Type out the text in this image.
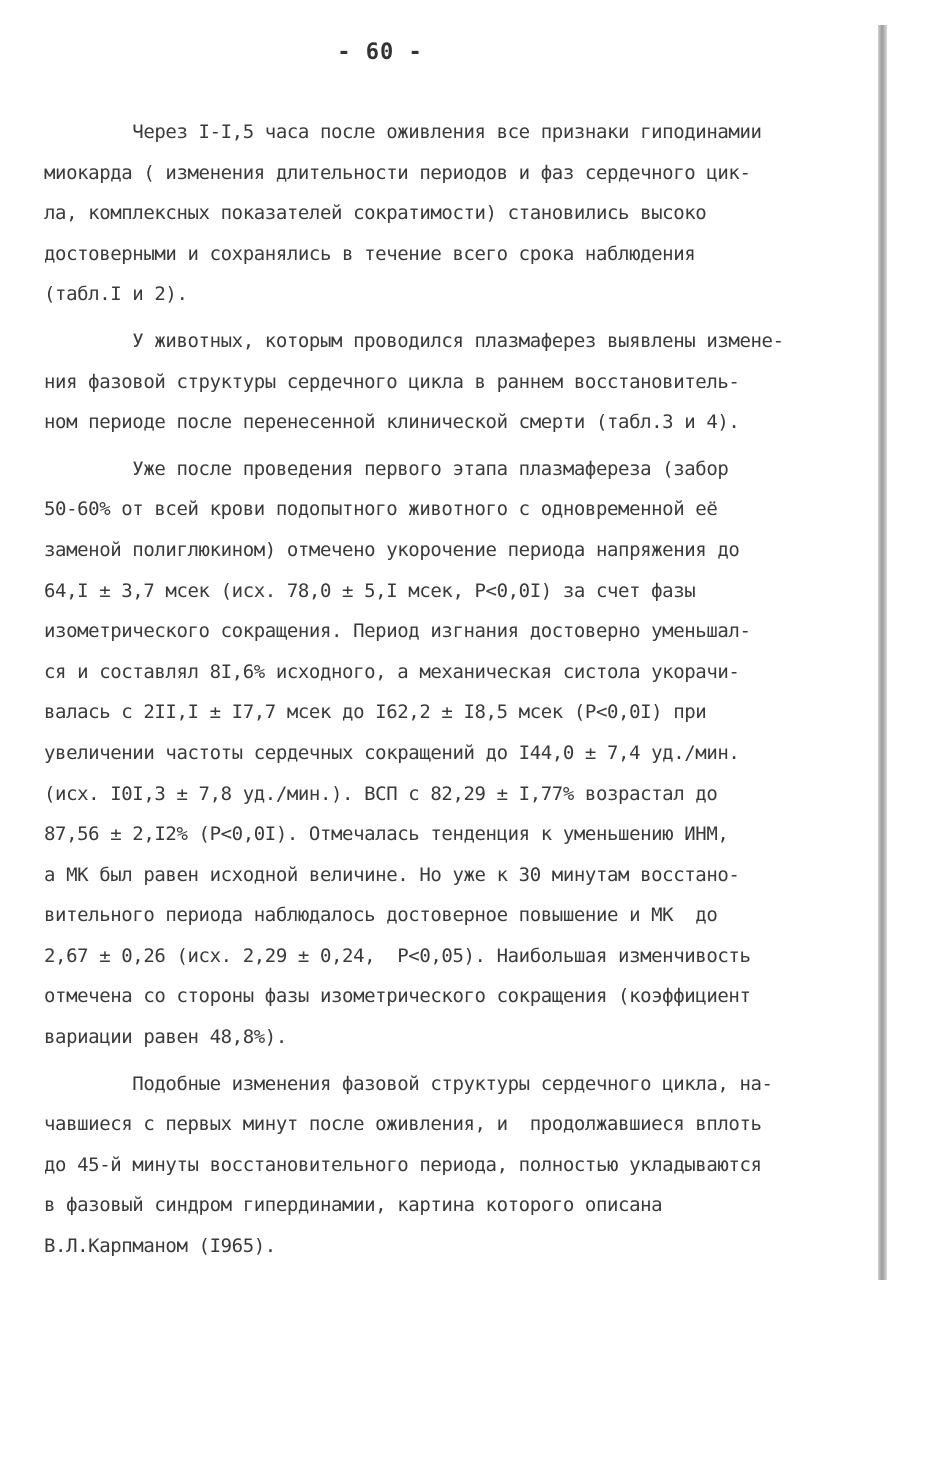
- 60 -
Через I-I,5 часа после оживления все признаки гиподинамии
миокарда ( изменения длительности периодов и фаз сердечного цик-
ла, комплексных показателей сократимости) становились высоко
достоверными и сохранялись в течение всего срока наблюдения
(табл.I и 2).
У животных, которым проводился плазмаферез выявлены измене-
ния фазовой структуры сердечного цикла в раннем восстановитель-
ном периоде после перенесенной клинической смерти (табл.3 и 4).
Уже после проведения первого этапа плазмафереза (забор
50-60% от всей крови подопытного животного с одновременной её
заменой полиглюкином) отмечено укорочение периода напряжения до
64,I ± 3,7 мсек (исх. 78,0 ± 5,I мсек, Р<0,0I) за счет фазы
изометрического сокращения. Период изгнания достоверно уменьшал-
ся и составлял 8I,6% исходного, а механическая систола укорачи-
валась с 2II,I ± I7,7 мсек до I62,2 ± I8,5 мсек (Р<0,0I) при
увеличении частоты сердечных сокращений до I44,0 ± 7,4 уд./мин.
(исх. I0I,3 ± 7,8 уд./мин.). ВСП с 82,29 ± I,77% возрастал до
87,56 ± 2,I2% (Р<0,0I). Отмечалась тенденция к уменьшению ИНМ,
а МК был равен исходной величине. Но уже к 30 минутам восстано-
вительного периода наблюдалось достоверное повышение и МК  до
2,67 ± 0,26 (исх. 2,29 ± 0,24,  Р<0,05). Наибольшая изменчивость
отмечена со стороны фазы изометрического сокращения (коэффициент
вариации равен 48,8%).
Подобные изменения фазовой структуры сердечного цикла, на-
чавшиеся с первых минут после оживления, и  продолжавшиеся вплоть
до 45-й минуты восстановительного периода, полностью укладываются
в фазовый синдром гипердинамии, картина которого описана
В.Л.Карпманом (I965).
